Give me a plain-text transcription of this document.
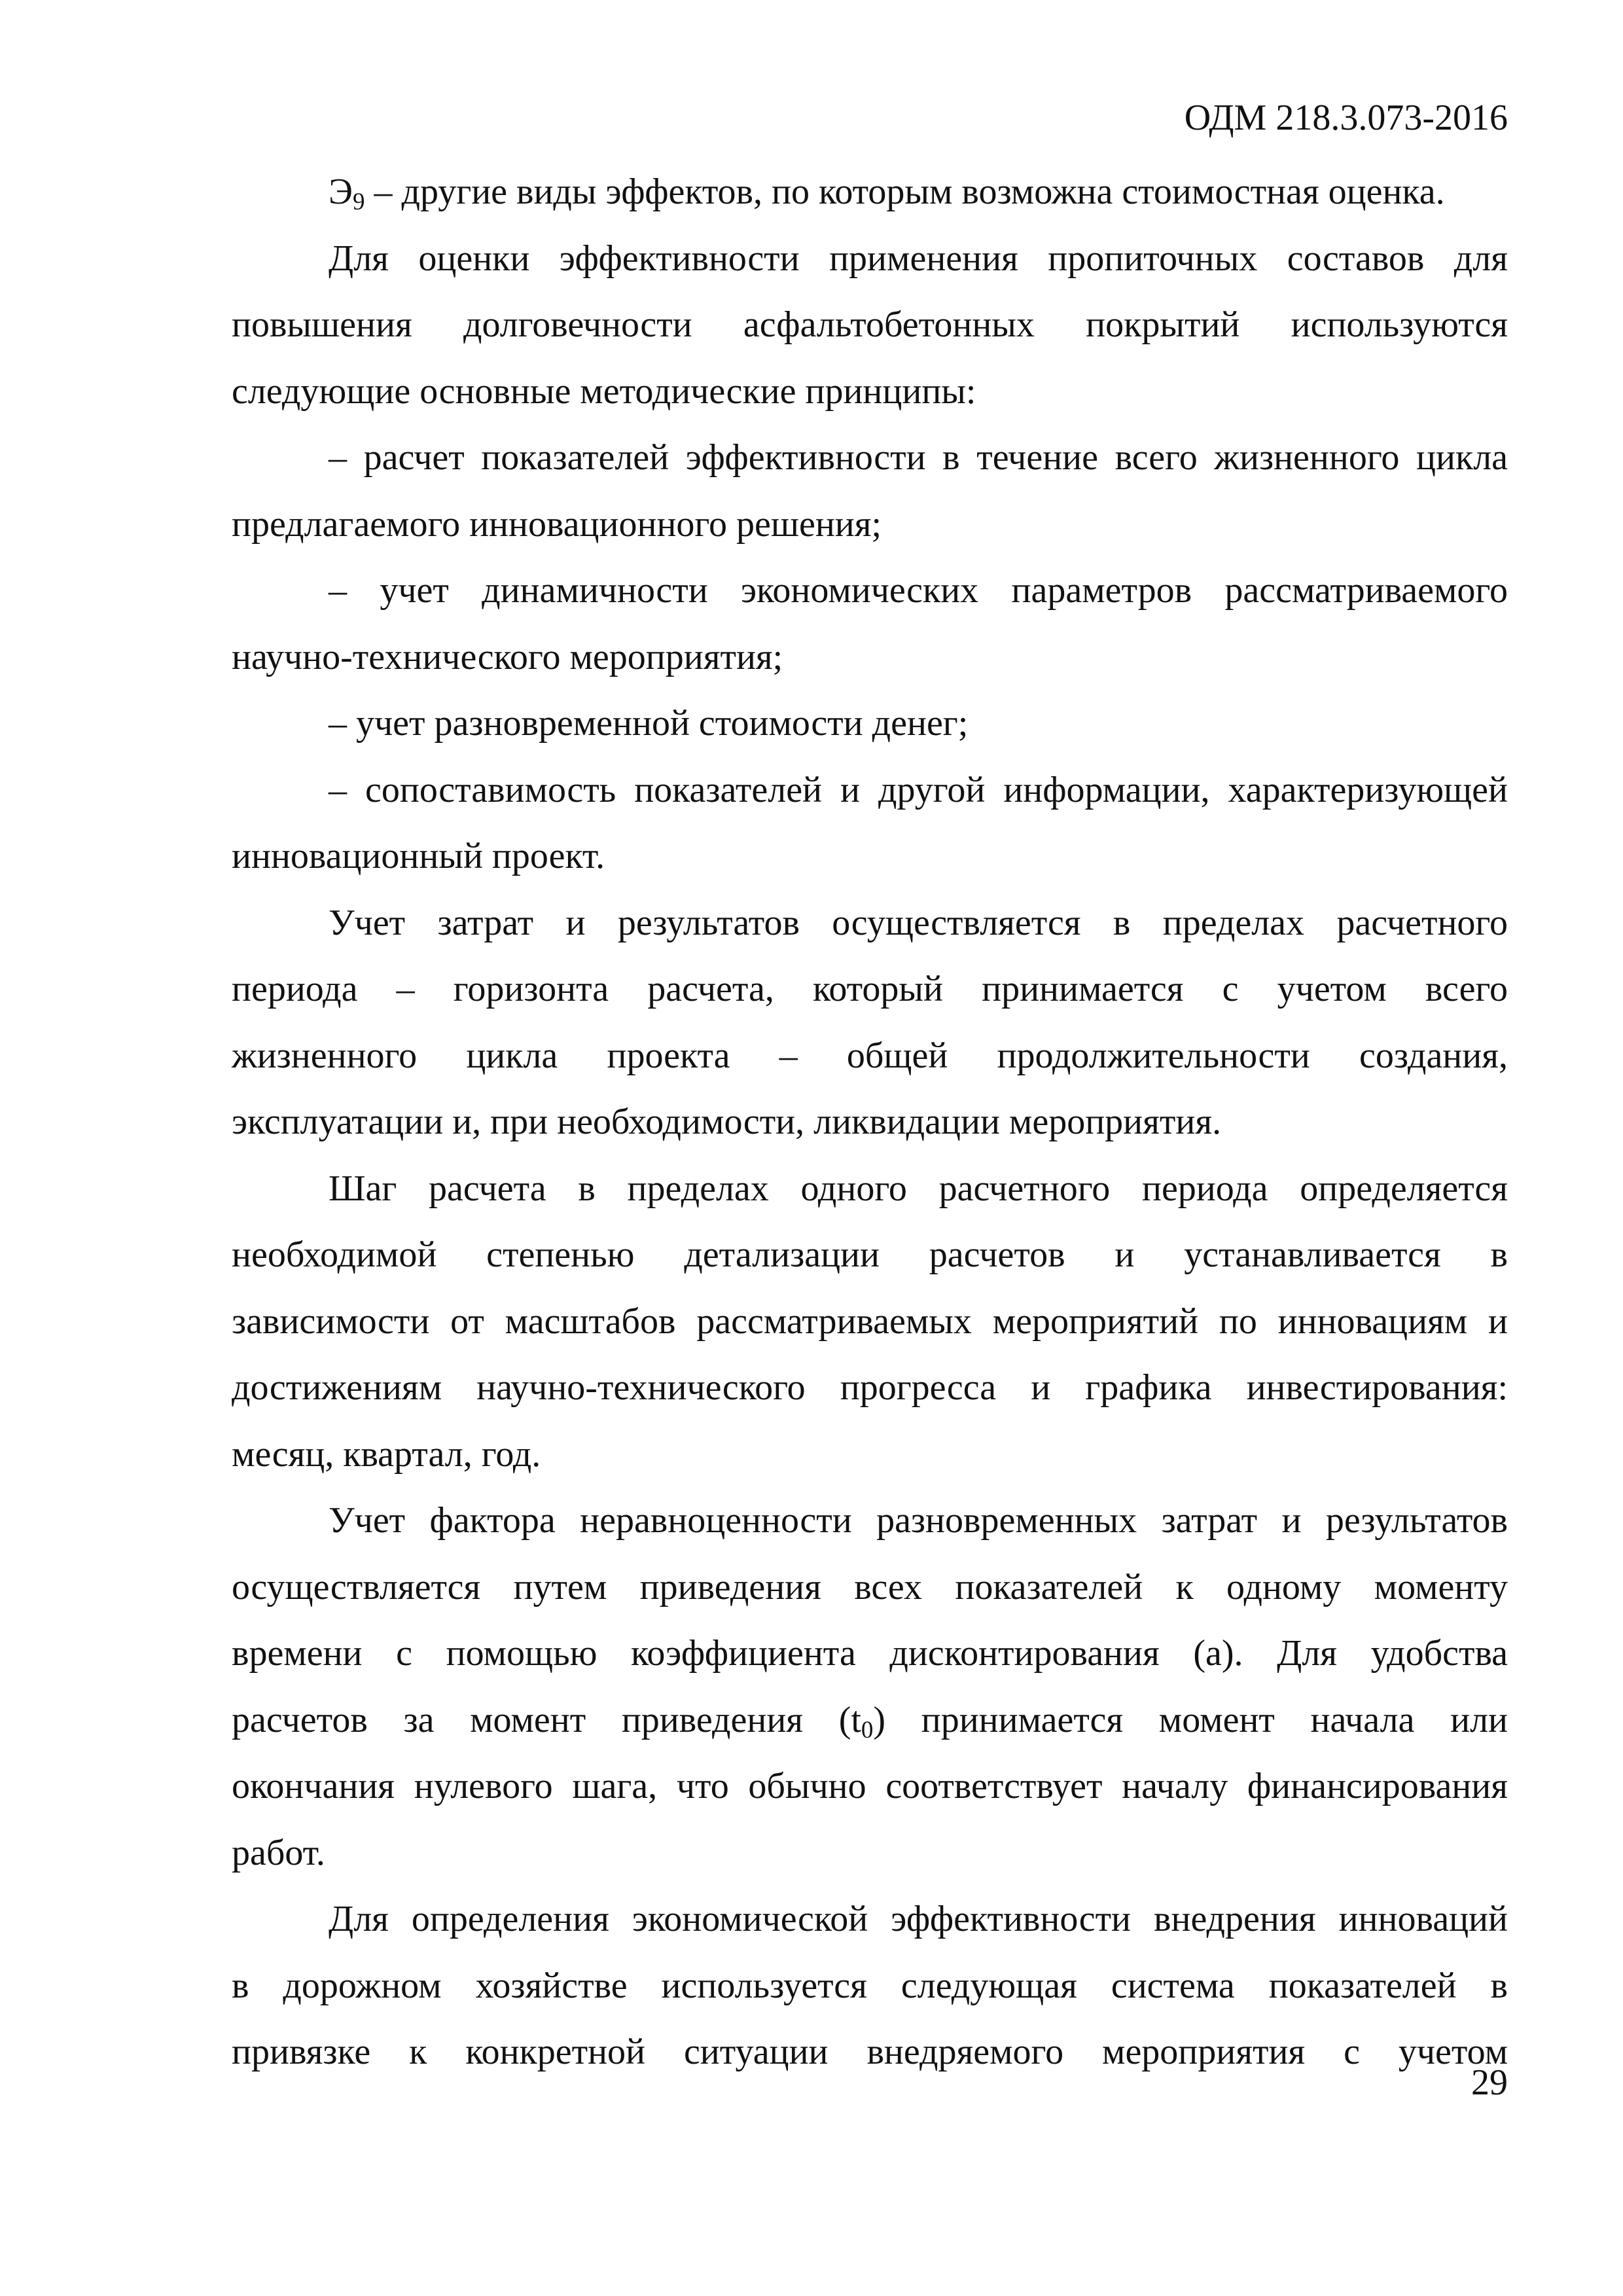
ОДМ 218.3.073-2016
$Э_9$ – другие виды эффектов, по которым возможна стоимостная оценка.
Для оценки эффективности применения пропиточных составов для
повышения долговечности асфальтобетонных покрытий используются
следующие основные методические принципы:
– расчет показателей эффективности в течение всего жизненного цикла
предлагаемого инновационного решения;
– учет динамичности экономических параметров рассматриваемого
научно-технического мероприятия;
– учет разновременной стоимости денег;
– сопоставимость показателей и другой информации, характеризующей
инновационный проект.
Учет затрат и результатов осуществляется в пределах расчетного
периода – горизонта расчета, который принимается с учетом всего
жизненного цикла проекта – общей продолжительности создания,
эксплуатации и, при необходимости, ликвидации мероприятия.
Шаг расчета в пределах одного расчетного периода определяется
необходимой степенью детализации расчетов и устанавливается в
зависимости от масштабов рассматриваемых мероприятий по инновациям и
достижениям научно-технического прогресса и графика инвестирования:
месяц, квартал, год.
Учет фактора неравноценности разновременных затрат и результатов
осуществляется путем приведения всех показателей к одному моменту
времени с помощью коэффициента дисконтирования (a). Для удобства
расчетов за момент приведения $(t_0)$ принимается момент начала или
окончания нулевого шага, что обычно соответствует началу финансирования
работ.
Для определения экономической эффективности внедрения инноваций
в дорожном хозяйстве используется следующая система показателей в
привязке к конкретной ситуации внедряемого мероприятия с учетом
29
